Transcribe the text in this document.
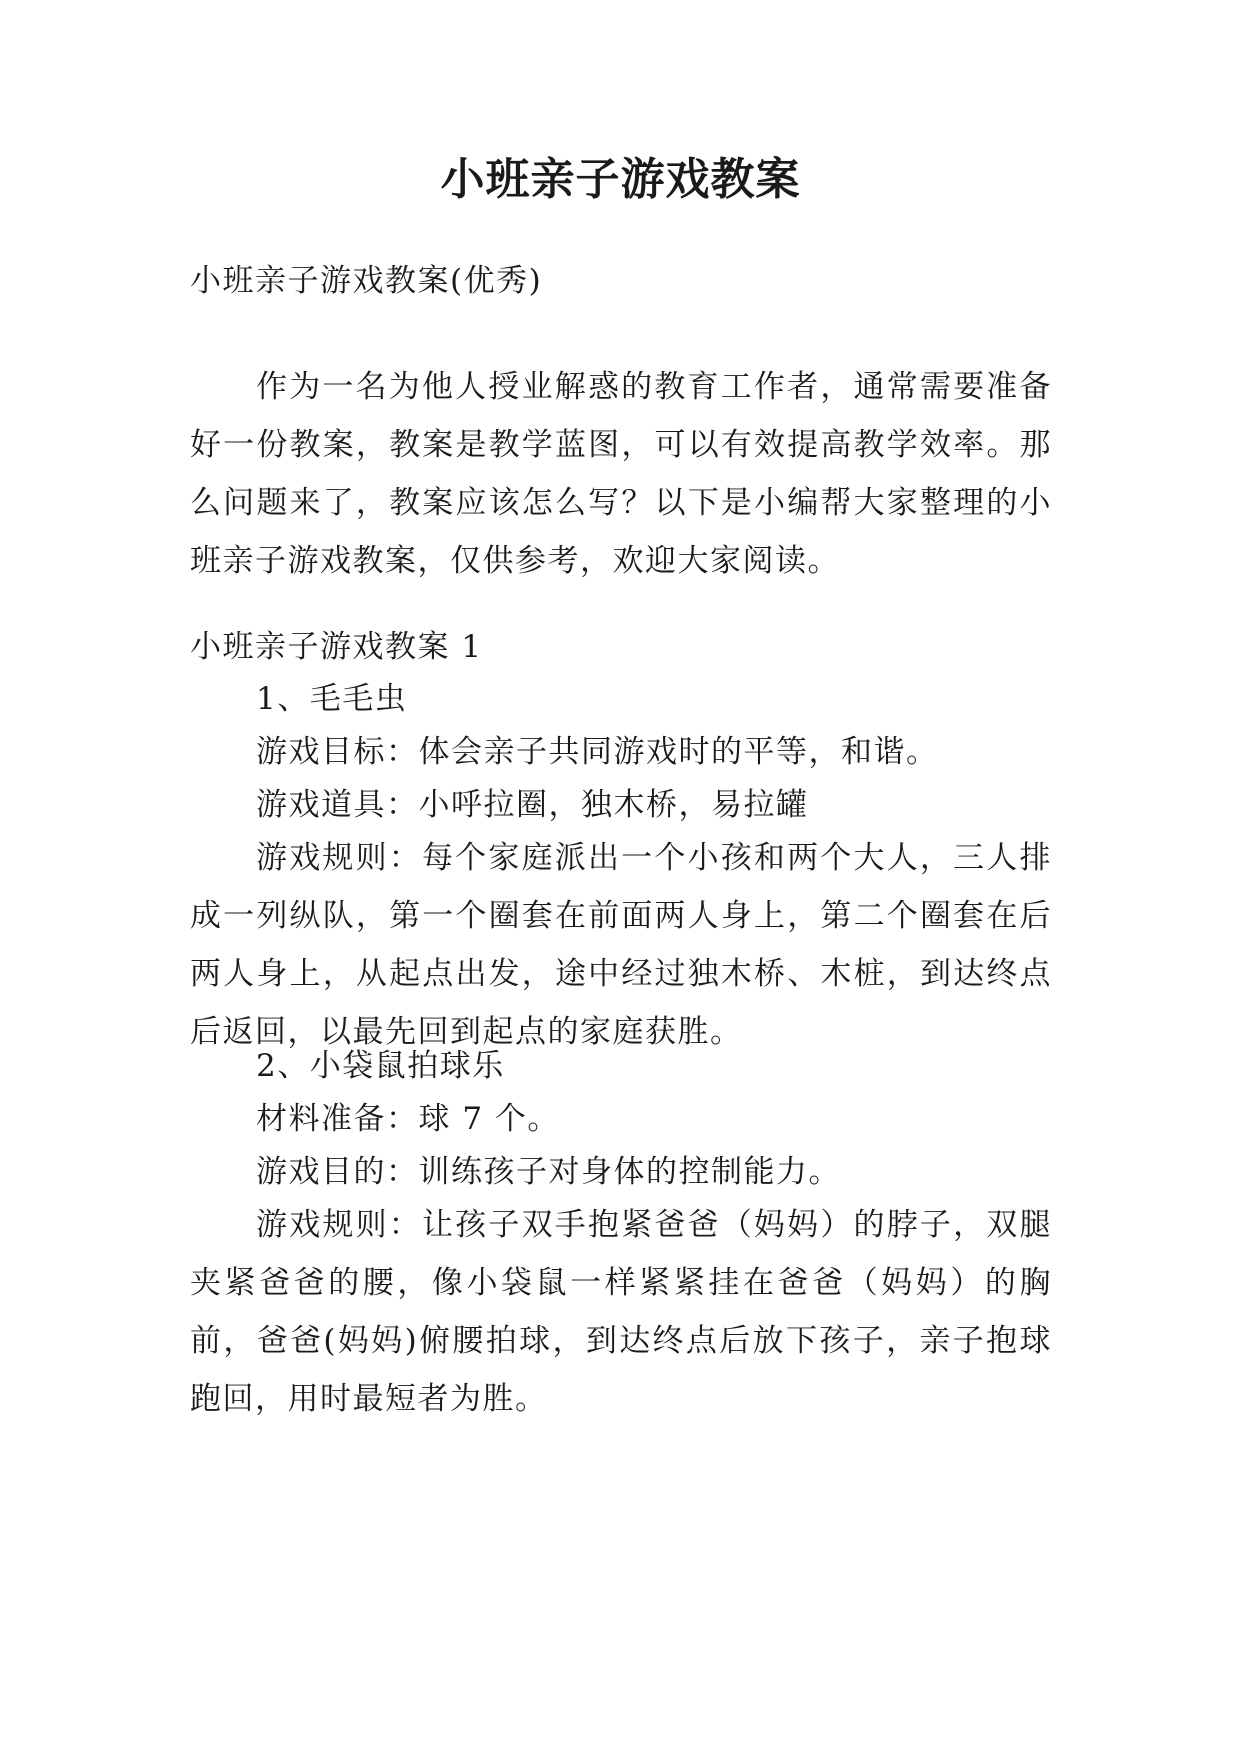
小班亲子游戏教案

小班亲子游戏教案(优秀)

作为一名为他人授业解惑的教育工作者，通常需要准备好一份教案，教案是教学蓝图，可以有效提高教学效率。那么问题来了，教案应该怎么写？以下是小编帮大家整理的小班亲子游戏教案，仅供参考，欢迎大家阅读。

小班亲子游戏教案 1

1、毛毛虫

游戏目标：体会亲子共同游戏时的平等，和谐。

游戏道具：小呼拉圈，独木桥，易拉罐

游戏规则：每个家庭派出一个小孩和两个大人，三人排成一列纵队，第一个圈套在前面两人身上，第二个圈套在后两人身上，从起点出发，途中经过独木桥、木桩，到达终点后返回，以最先回到起点的家庭获胜。

2、小袋鼠拍球乐

材料准备：球 7 个。

游戏目的：训练孩子对身体的控制能力。

游戏规则：让孩子双手抱紧爸爸（妈妈）的脖子，双腿夹紧爸爸的腰，像小袋鼠一样紧紧挂在爸爸（妈妈）的胸前，爸爸(妈妈)俯腰拍球，到达终点后放下孩子，亲子抱球跑回，用时最短者为胜。
